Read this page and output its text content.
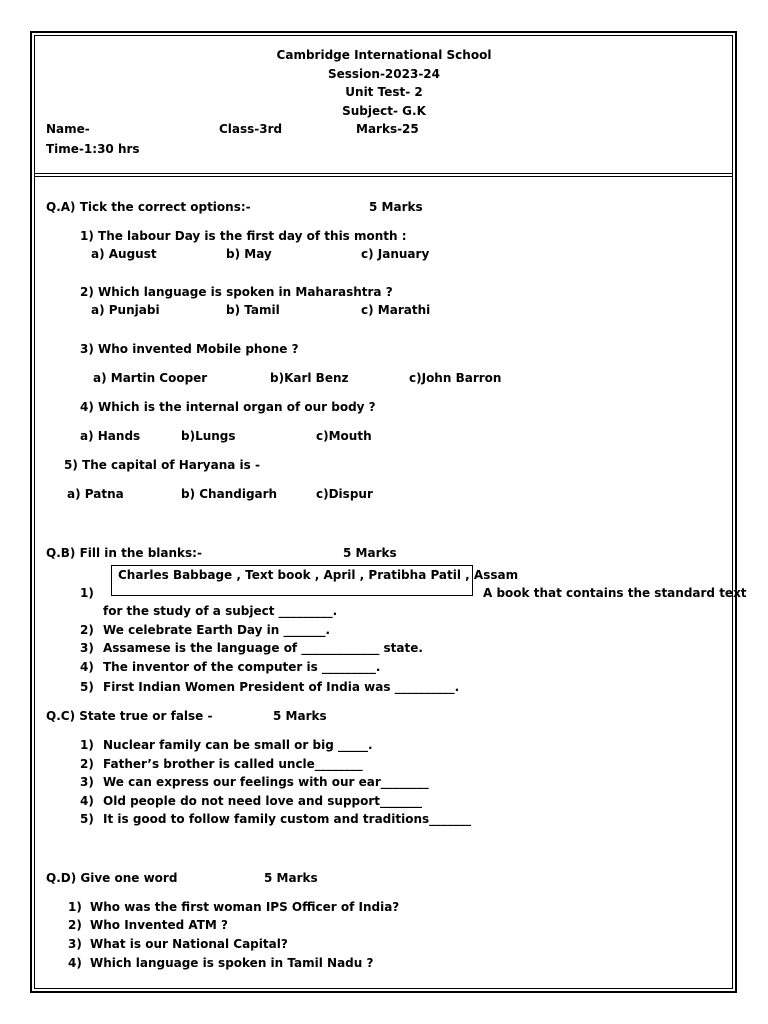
Cambridge International School
Session-2023-24
Unit Test- 2
Subject- G.K
Name-	Class-3rd	Marks-25
Time-1:30 hrs
Q.A) Tick the correct options:-	5 Marks
1) The labour Day is the first day of this month :
a) August	b) May	c) January
2) Which language is spoken in Maharashtra ?
a) Punjabi	b) Tamil	c) Marathi
3) Who invented Mobile phone ?
a) Martin Cooper	b)Karl Benz	c)John Barron
4) Which is the internal organ of our body ?
a) Hands	b)Lungs	c)Mouth
5) The capital of Haryana is -
a) Patna	b) Chandigarh	c)Dispur
Q.B) Fill in the blanks:-	5 Marks
Charles Babbage , Text book , April , Pratibha Patil , Assam
1)	A book that contains the standard text
for the study of a subject _________.
2) We celebrate Earth Day in _______.
3) Assamese is the language of _____________ state.
4) The inventor of the computer is _________.
5) First Indian Women President of India was __________.
Q.C) State true or false -	5 Marks
1) Nuclear family can be small or big _____.
2) Father’s brother is called uncle________
3) We can express our feelings with our ear________
4) Old people do not need love and support_______
5) It is good to follow family custom and traditions_______
Q.D) Give one word	5 Marks
1) Who was the first woman IPS Officer of India?
2) Who Invented ATM ?
3) What is our National Capital?
4) Which language is spoken in Tamil Nadu ?
